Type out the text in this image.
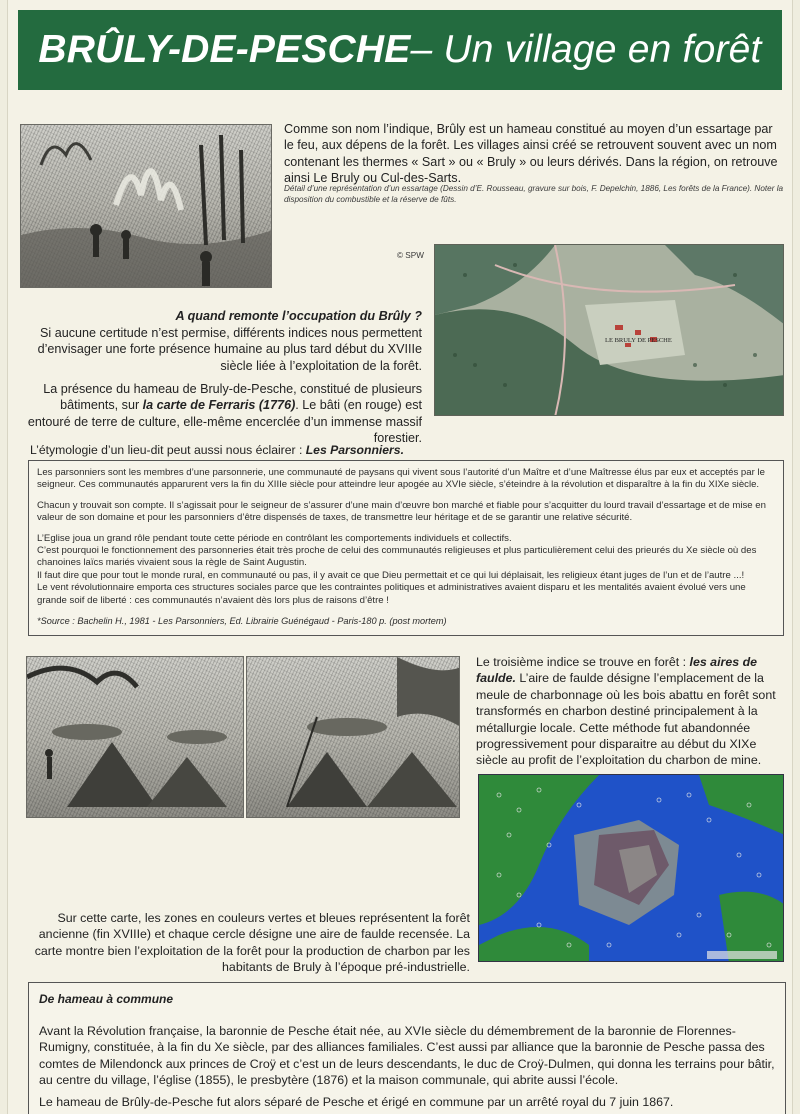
BRÛLY-DE-PESCHE – Un village en forêt
Comme son nom l’indique, Brûly est un hameau constitué au moyen d’un essartage par le feu, aux dépens de la forêt. Les villages ainsi créé se retrouvent souvent avec un nom contenant les thermes « Sart » ou « Bruly » ou leurs dérivés. Dans la région, on retrouve ainsi Le Bruly ou Cul-des-Sarts.
Détail d’une représentation d’un essartage (Dessin d’E. Rousseau, gravure sur bois, F. Depelchin, 1886, Les forêts de la France). Noter la disposition du combustible et la réserve de fûts.
© SPW
LE BRULY DE PESCHE
A quand remonte l’occupation du Brûly ?
Si aucune certitude n’est permise, différents indices nous permettent d’envisager une forte présence humaine au plus tard début du XVIIIe siècle liée à l’exploitation de la forêt.
La présence du hameau de Bruly-de-Pesche, constitué de plusieurs bâtiments, sur la carte de Ferraris (1776). Le bâti (en rouge) est entouré de terre de culture, elle-même encerclée d’un immense massif forestier.
L’étymologie d’un lieu-dit peut aussi nous éclairer : Les Parsonniers.

Les parsonniers sont les membres d’une parsonnerie, une communauté de paysans qui vivent sous l’autorité d’un Maître et d’une Maîtresse élus par eux et acceptés par le seigneur. Ces communautés apparurent vers la fin du XIIIe siècle pour atteindre leur apogée au XVIe siècle, s’éteindre à la révolution et disparaître à la fin du XIXe siècle.

Chacun y trouvait son compte. Il s’agissait pour le seigneur de s’assurer d’une main d’œuvre bon marché et fiable pour s’acquitter du lourd travail d’essartage et de mise en valeur de son domaine et pour les parsonniers d’être dispensés de taxes, de transmettre leur héritage et de se garantir une relative sécurité.

L’Eglise joua un grand rôle pendant toute cette période en contrôlant les comportements individuels et collectifs.
C’est pourquoi le fonctionnement des parsonneries était très proche de celui des communautés religieuses et plus particulièrement celui des prieurés du Xe siècle où des chanoines laïcs mariés vivaient sous la règle de Saint Augustin.
Il faut dire que pour tout le monde rural, en communauté ou pas, il y avait ce que Dieu permettait et ce qui lui déplaisait, les religieux étant juges de l’un et de l’autre ...!

Le vent révolutionnaire emporta ces structures sociales parce que les contraintes politiques et administratives avaient disparu et les mentalités avaient évolué vers une grande soif de liberté : ces communautés n’avaient dès lors plus de raisons d’être !

*Source : Bachelin H., 1981 - Les Parsonniers, Ed. Librairie Guénégaud - Paris-180 p. (post mortem)
Le troisième indice se trouve en forêt : les aires de faulde. L’aire de faulde désigne l’emplacement de la meule de charbonnage où les bois abattu en forêt sont transformés en charbon destiné principalement à la métallurgie locale. Cette méthode fut abandonnée progressivement pour disparaitre au début du XIXe siècle au profit de l’exploitation du charbon de mine.
Sur cette carte, les zones en couleurs vertes et bleues représentent la forêt ancienne (fin XVIIIe) et chaque cercle désigne une aire de faulde recensée. La carte montre bien l’exploitation de la forêt pour la production de charbon par les habitants de Bruly à l’époque pré-industrielle.
De hameau à commune
Avant la Révolution française, la baronnie de Pesche était née, au XVIe siècle du démembrement de la baronnie de Florennes-Rumigny, constituée, à la fin du Xe siècle, par des alliances familiales. C’est aussi par alliance que la baronnie de Pesche passa des comtes de Milendonck aux princes de Croÿ et c’est un de leurs descendants, le duc de Croÿ-Dulmen, qui donna les terrains pour bâtir, au centre du village, l’église (1855), le presbytère (1876) et la maison communale, qui abrite aussi l’école.
Le hameau de Brûly-de-Pesche fut alors séparé de Pesche et érigé en commune par un arrêté royal du 7 juin 1867.
